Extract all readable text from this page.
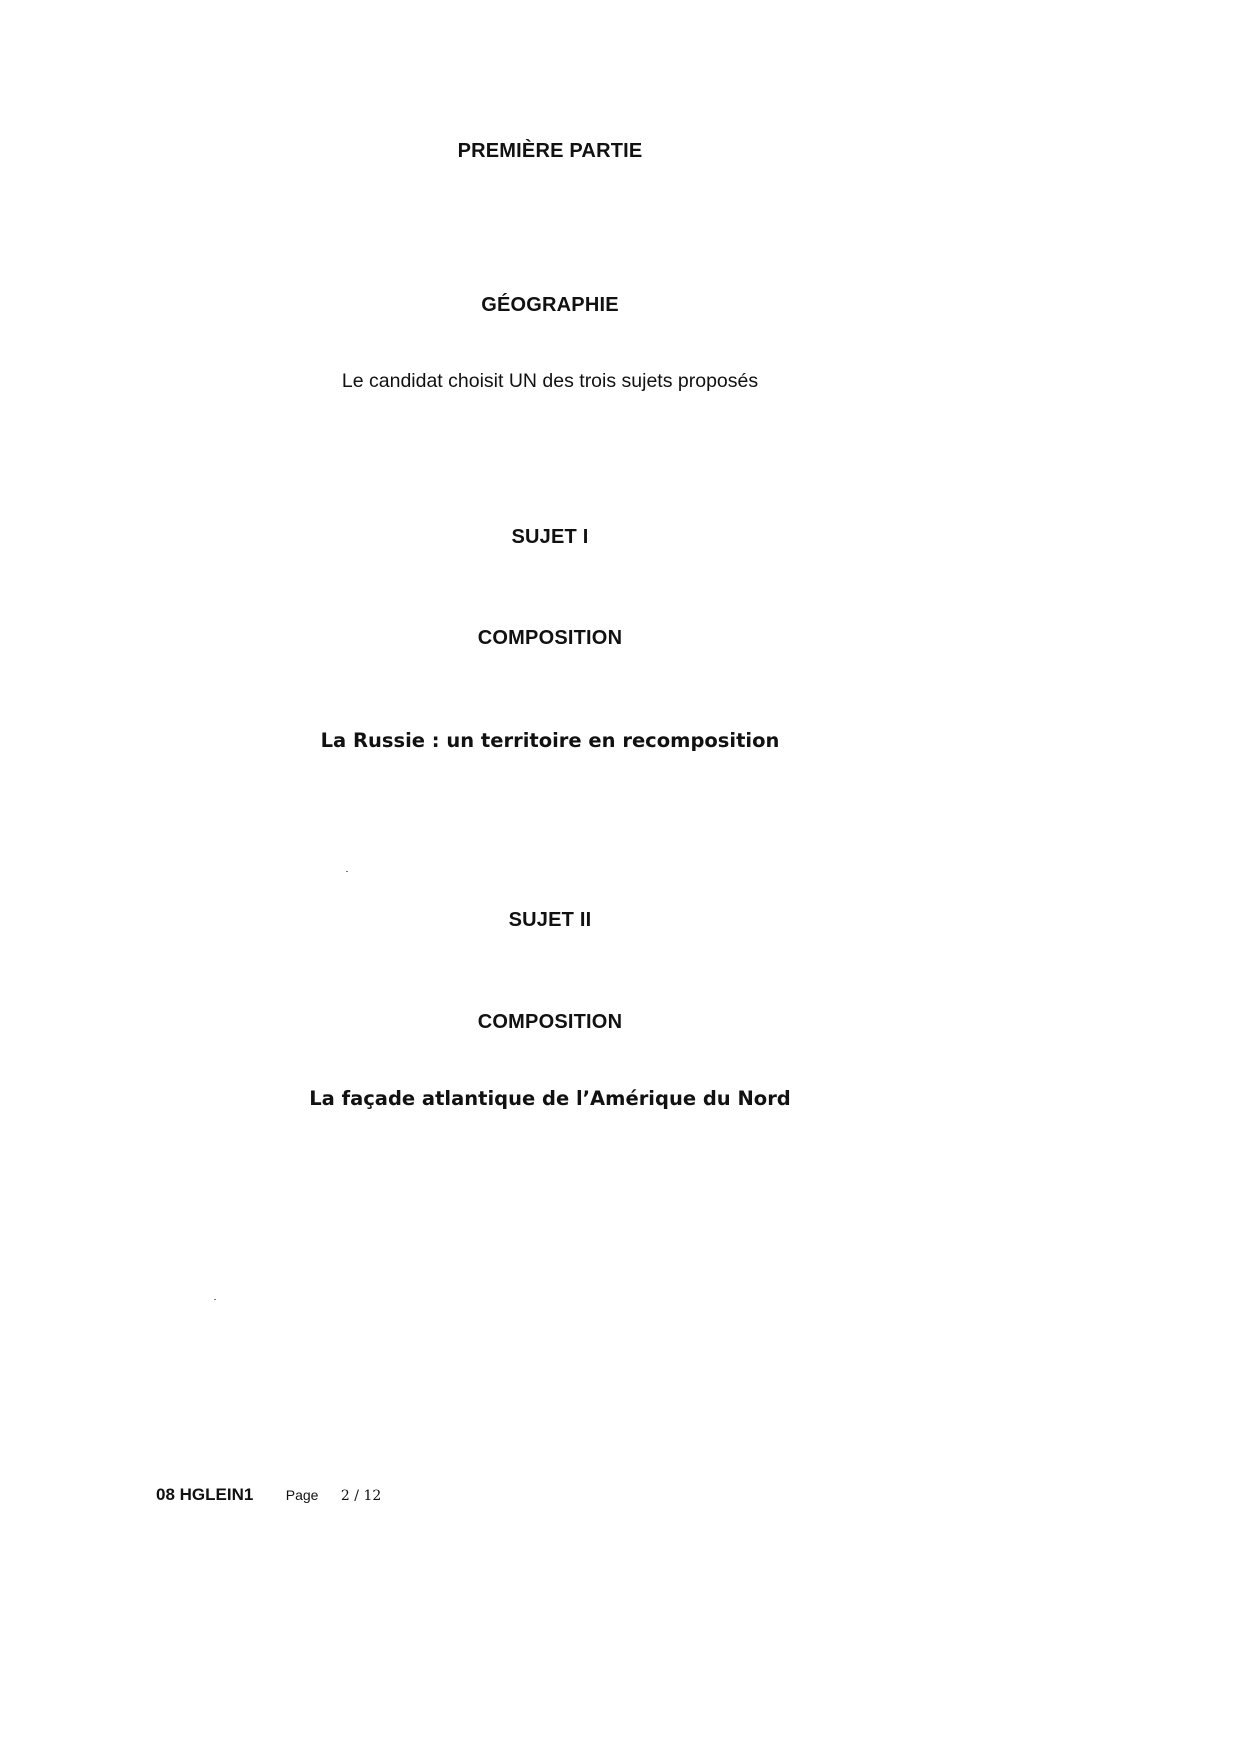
PREMIÈRE PARTIE
GÉOGRAPHIE
Le candidat choisit UN des trois sujets proposés
SUJET I
COMPOSITION
La Russie : un territoire en recomposition
SUJET II
COMPOSITION
La façade atlantique de l’Amérique du Nord
08 HGLEIN1 Page 2 / 12
